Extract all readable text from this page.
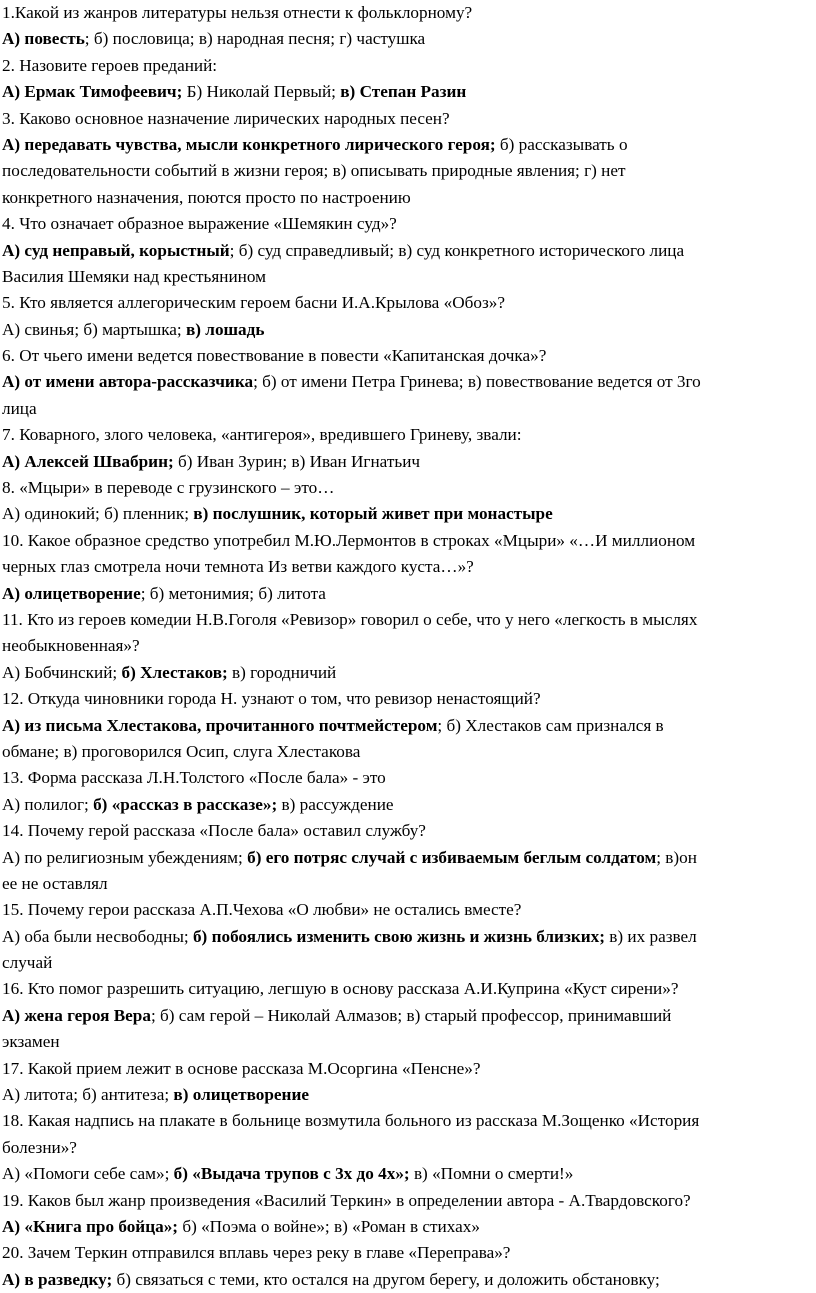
1.Какой из жанров литературы нельзя отнести к фольклорному?
А) повесть; б) пословица; в) народная песня; г) частушка
2. Назовите героев преданий:
А) Ермак Тимофеевич; Б) Николай Первый; в) Степан Разин
3. Каково основное назначение лирических народных песен?
А) передавать чувства, мысли конкретного лирического героя; б) рассказывать о
последовательности событий в жизни героя; в) описывать природные явления; г) нет
конкретного назначения, поются просто по настроению
4. Что означает образное выражение «Шемякин суд»?
А) суд неправый, корыстный; б) суд справедливый; в) суд конкретного исторического лица
Василия Шемяки над крестьянином
5. Кто является аллегорическим героем басни И.А.Крылова «Обоз»?
А) свинья; б) мартышка; в) лошадь
6. От чьего имени ведется повествование в повести «Капитанская дочка»?
А) от имени автора-рассказчика; б) от имени Петра Гринева; в) повествование ведется от 3го
лица
7. Коварного, злого человека, «антигероя», вредившего Гриневу, звали:
А) Алексей Швабрин; б) Иван Зурин; в) Иван Игнатьич
8. «Мцыри» в переводе с грузинского – это…
А) одинокий; б) пленник; в) послушник, который живет при монастыре
10. Какое образное средство употребил М.Ю.Лермонтов в строках «Мцыри» «…И миллионом
черных глаз смотрела ночи темнота Из ветви каждого куста…»?
А) олицетворение; б) метонимия; б) литота
11. Кто из героев комедии Н.В.Гоголя «Ревизор» говорил о себе, что у него «легкость в мыслях
необыкновенная»?
А) Бобчинский; б) Хлестаков; в) городничий
12. Откуда чиновники города Н. узнают о том, что ревизор ненастоящий?
А) из письма Хлестакова, прочитанного почтмейстером; б) Хлестаков сам признался в
обмане; в) проговорился Осип, слуга Хлестакова
13. Форма рассказа Л.Н.Толстого «После бала» - это
А) полилог; б) «рассказ в рассказе»; в) рассуждение
14. Почему герой рассказа «После бала» оставил службу?
А) по религиозным убеждениям; б) его потряс случай с избиваемым беглым солдатом; в)он
ее не оставлял
15. Почему герои рассказа А.П.Чехова «О любви» не остались вместе?
А) оба были несвободны; б) побоялись изменить свою жизнь и жизнь близких; в) их развел
случай
16. Кто помог разрешить ситуацию, легшую в основу рассказа А.И.Куприна «Куст сирени»?
А) жена героя Вера; б) сам герой – Николай Алмазов; в) старый профессор, принимавший
экзамен
17. Какой прием лежит в основе рассказа М.Осоргина «Пенсне»?
А) литота; б) антитеза; в) олицетворение
18. Какая надпись на плакате в больнице возмутила больного из рассказа М.Зощенко «История
болезни»?
А) «Помоги себе сам»; б) «Выдача трупов с 3х до 4х»; в) «Помни о смерти!»
19. Каков был жанр произведения «Василий Теркин» в определении автора - А.Твардовского?
А) «Книга про бойца»; б) «Поэма о войне»; в) «Роман в стихах»
20. Зачем Теркин отправился вплавь через реку в главе «Переправа»?
А) в разведку; б) связаться с теми, кто остался на другом берегу, и доложить обстановку;
